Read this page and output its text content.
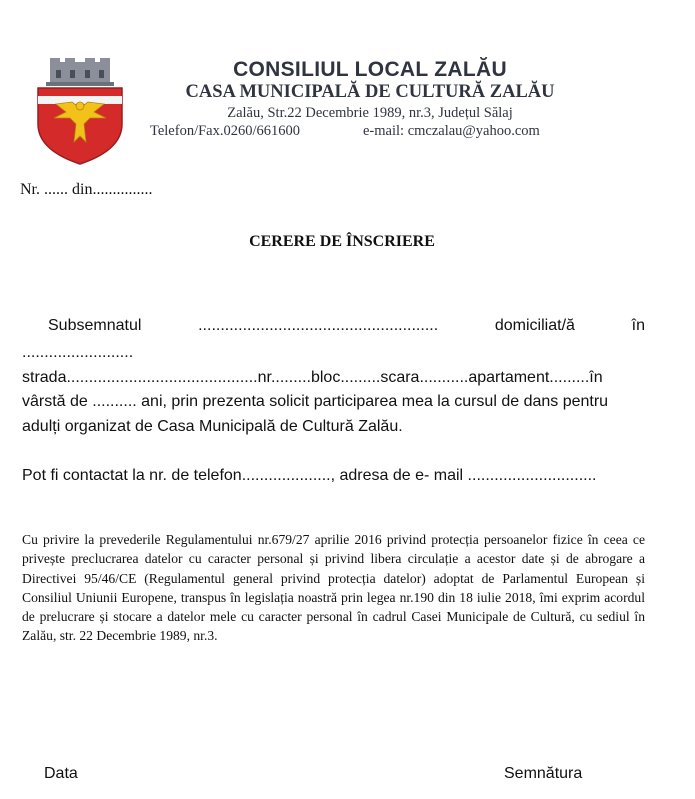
CONSILIUL LOCAL ZALĂU
CASA MUNICIPALĂ DE CULTURĂ ZALĂU
Zalău, Str.22 Decembrie 1989, nr.3, Județul Sălaj
Telefon/Fax.0260/661600	e-mail: cmczalau@yahoo.com
Nr. ...... din...............
CERERE DE ÎNSCRIERE
Subsemnatul	......................................................	domiciliat/ă	în
.........................
strada...........................................nr.........bloc.........scara...........apartament.........în
vârstă de .......... ani, prin prezenta solicit participarea mea la cursul de dans pentru
adulți organizat de Casa Municipală de Cultură Zalău.
Pot fi contactat la nr. de telefon...................., adresa de e- mail .............................
Cu privire la prevederile Regulamentului nr.679/27 aprilie 2016 privind protecția persoanelor fizice în ceea ce privește preclucrarea datelor cu caracter personal și privind libera circulație a acestor date și de abrogare a Directivei 95/46/CE (Regulamentul general privind protecția datelor) adoptat de Parlamentul European și Consiliul Uniunii Europene, transpus în legislația noastră prin legea nr.190 din 18 iulie 2018, îmi exprim acordul de prelucrare și stocare a datelor mele cu caracter personal în cadrul Casei Municipale de Cultură, cu sediul în Zalău, str. 22 Decembrie 1989, nr.3.
Data	Semnătura
